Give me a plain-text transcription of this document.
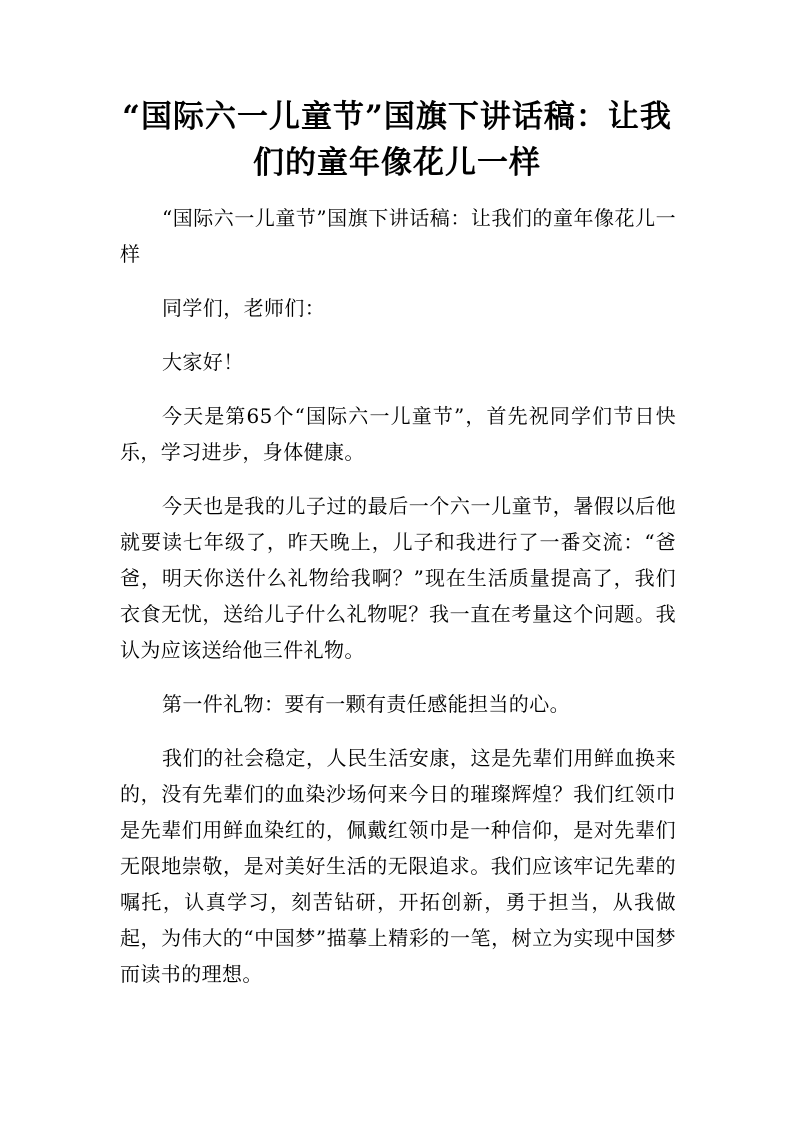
“国际六一儿童节”国旗下讲话稿：让我们的童年像花儿一样

“国际六一儿童节”国旗下讲话稿：让我们的童年像花儿一样

同学们，老师们：

大家好！

今天是第65个“国际六一儿童节”，首先祝同学们节日快乐，学习进步，身体健康。

今天也是我的儿子过的最后一个六一儿童节，暑假以后他就要读七年级了，昨天晚上，儿子和我进行了一番交流：“爸爸，明天你送什么礼物给我啊？”现在生活质量提高了，我们衣食无忧，送给儿子什么礼物呢？我一直在考量这个问题。我认为应该送给他三件礼物。

第一件礼物：要有一颗有责任感能担当的心。

我们的社会稳定，人民生活安康，这是先辈们用鲜血换来的，没有先辈们的血染沙场何来今日的璀璨辉煌？我们红领巾是先辈们用鲜血染红的，佩戴红领巾是一种信仰，是对先辈们无限地崇敬，是对美好生活的无限追求。我们应该牢记先辈的嘱托，认真学习，刻苦钻研，开拓创新，勇于担当，从我做起，为伟大的“中国梦”描摹上精彩的一笔，树立为实现中国梦而读书的理想。
